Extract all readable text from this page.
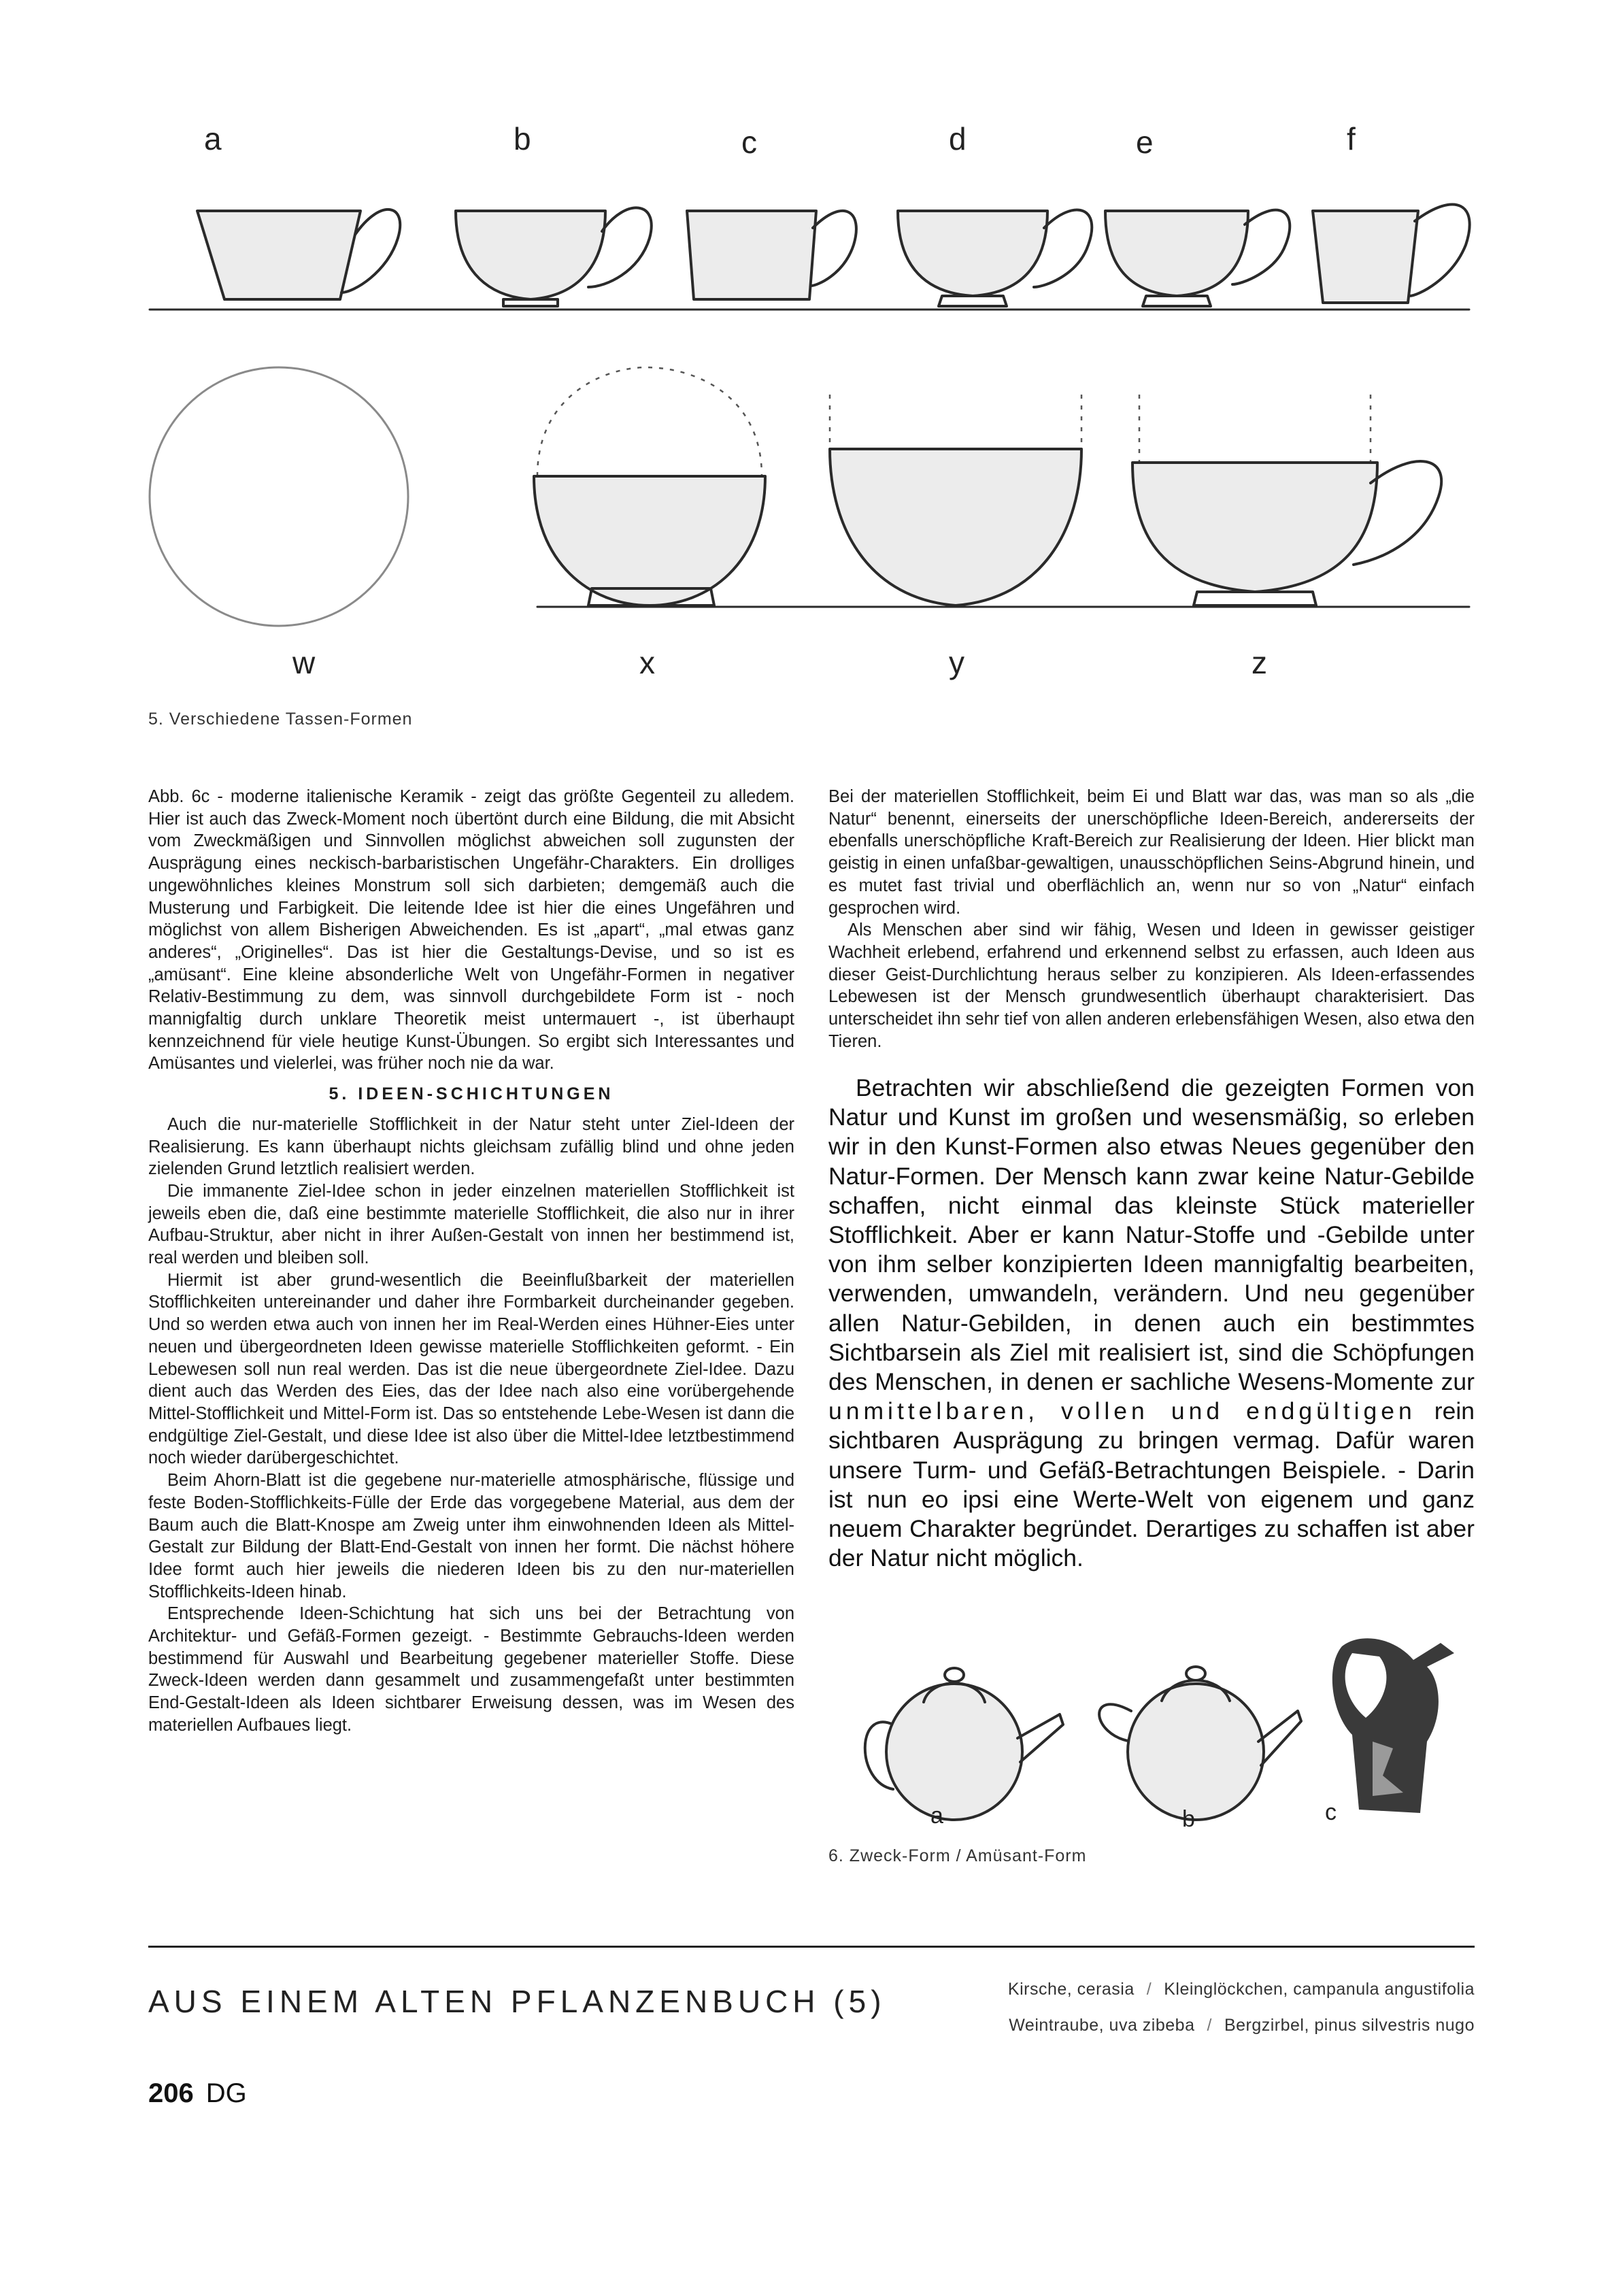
a	b	c	d	e	f
w	x	y	z
5. Verschiedene Tassen-Formen

Abb. 6c - moderne italienische Keramik - zeigt das größte Gegenteil zu alledem. Hier ist auch das Zweck-Moment noch übertönt durch eine Bildung, die mit Absicht vom Zweckmäßigen und Sinnvollen möglichst abweichen soll zugunsten der Ausprägung eines neckisch-barbaristischen Ungefähr-Charakters. Ein drolliges ungewöhnliches kleines Monstrum soll sich darbieten; demgemäß auch die Musterung und Farbigkeit. Die leitende Idee ist hier die eines Ungefähren und möglichst von allem Bisherigen Abweichenden. Es ist „apart“, „mal etwas ganz anderes“, „Originelles“. Das ist hier die Gestaltungs-Devise, und so ist es „amüsant“. Eine kleine absonderliche Welt von Ungefähr-Formen in negativer Relativ-Bestimmung zu dem, was sinnvoll durchgebildete Form ist - noch mannigfaltig durch unklare Theoretik meist untermauert -, ist überhaupt kennzeichnend für viele heutige Kunst-Übungen. So ergibt sich Interessantes und Amüsantes und vielerlei, was früher noch nie da war.

5. IDEEN-SCHICHTUNGEN

Auch die nur-materielle Stofflichkeit in der Natur steht unter Ziel-Ideen der Realisierung. Es kann überhaupt nichts gleichsam zufällig blind und ohne jeden zielenden Grund letztlich realisiert werden.

Die immanente Ziel-Idee schon in jeder einzelnen materiellen Stofflichkeit ist jeweils eben die, daß eine bestimmte materielle Stofflichkeit, die also nur in ihrer Aufbau-Struktur, aber nicht in ihrer Außen-Gestalt von innen her bestimmend ist, real werden und bleiben soll.

Hiermit ist aber grund-wesentlich die Beeinflußbarkeit der materiellen Stofflichkeiten untereinander und daher ihre Formbarkeit durcheinander gegeben. Und so werden etwa auch von innen her im Real-Werden eines Hühner-Eies unter neuen und übergeordneten Ideen gewisse materielle Stofflichkeiten geformt. - Ein Lebewesen soll nun real werden. Das ist die neue übergeordnete Ziel-Idee. Dazu dient auch das Werden des Eies, das der Idee nach also eine vorübergehende Mittel-Stofflichkeit und Mittel-Form ist. Das so entstehende Lebe-Wesen ist dann die endgültige Ziel-Gestalt, und diese Idee ist also über die Mittel-Idee letztbestimmend noch wieder darübergeschichtet.

Beim Ahorn-Blatt ist die gegebene nur-materielle atmosphärische, flüssige und feste Boden-Stofflichkeits-Fülle der Erde das vorgegebene Material, aus dem der Baum auch die Blatt-Knospe am Zweig unter ihm einwohnenden Ideen als Mittel-Gestalt zur Bildung der Blatt-End-Gestalt von innen her formt. Die nächst höhere Idee formt auch hier jeweils die niederen Ideen bis zu den nur-materiellen Stofflichkeits-Ideen hinab.

Entsprechende Ideen-Schichtung hat sich uns bei der Betrachtung von Architektur- und Gefäß-Formen gezeigt. - Bestimmte Gebrauchs-Ideen werden bestimmend für Auswahl und Bearbeitung gegebener materieller Stoffe. Diese Zweck-Ideen werden dann gesammelt und zusammengefaßt unter bestimmten End-Gestalt-Ideen als Ideen sichtbarer Erweisung dessen, was im Wesen des materiellen Aufbaues liegt.

Bei der materiellen Stofflichkeit, beim Ei und Blatt war das, was man so als „die Natur“ benennt, einerseits der unerschöpfliche Ideen-Bereich, andererseits der ebenfalls unerschöpfliche Kraft-Bereich zur Realisierung der Ideen. Hier blickt man geistig in einen unfaßbar-gewaltigen, unausschöpflichen Seins-Abgrund hinein, und es mutet fast trivial und oberflächlich an, wenn nur so von „Natur“ einfach gesprochen wird.

Als Menschen aber sind wir fähig, Wesen und Ideen in gewisser geistiger Wachheit erlebend, erfahrend und erkennend selbst zu erfassen, auch Ideen aus dieser Geist-Durchlichtung heraus selber zu konzipieren. Als Ideen-erfassendes Lebewesen ist der Mensch grundwesentlich überhaupt charakterisiert. Das unterscheidet ihn sehr tief von allen anderen erlebensfähigen Wesen, also etwa den Tieren.

Betrachten wir abschließend die gezeigten Formen von Natur und Kunst im großen und wesensmäßig, so erleben wir in den Kunst-Formen also etwas Neues gegenüber den Natur-Formen. Der Mensch kann zwar keine Natur-Gebilde schaffen, nicht einmal das kleinste Stück materieller Stofflichkeit. Aber er kann Natur-Stoffe und -Gebilde unter von ihm selber konzipierten Ideen mannigfaltig bearbeiten, verwenden, umwandeln, verändern. Und neu gegenüber allen Natur-Gebilden, in denen auch ein bestimmtes Sichtbarsein als Ziel mit realisiert ist, sind die Schöpfungen des Menschen, in denen er sachliche Wesens-Momente zur unmittelbaren, vollen und endgültigen rein sichtbaren Ausprägung zu bringen vermag. Dafür waren unsere Turm- und Gefäß-Betrachtungen Beispiele. - Darin ist nun eo ipsi eine Werte-Welt von eigenem und ganz neuem Charakter begründet. Derartiges zu schaffen ist aber der Natur nicht möglich.
a	b	c
6. Zweck-Form / Amüsant-Form
AUS EINEM ALTEN PFLANZENBUCH (5)	Kirsche, cerasia / Kleinglöckchen, campanula angustifolia
Weintraube, uva zibeba / Bergzirbel, pinus silvestris nugo
206 DG
